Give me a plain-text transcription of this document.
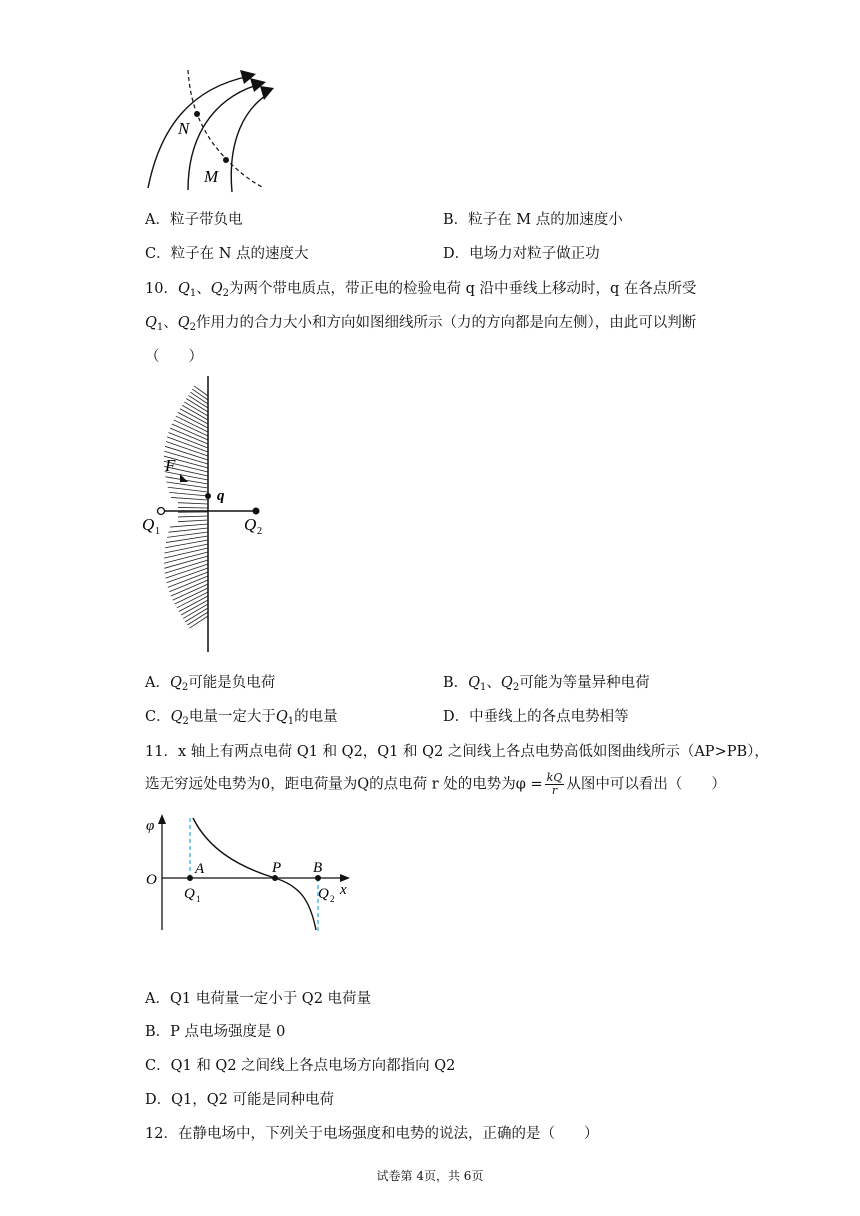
N
M
A．粒子带负电	B．粒子在 M 点的加速度小
C．粒子在 N 点的速度大	D．电场力对粒子做正功
10．$Q_1$、$Q_2$为两个带电质点，带正电的检验电荷 q 沿中垂线上移动时，q 在各点所受
$Q_1$、$Q_2$作用力的合力大小和方向如图细线所示（力的方向都是向左侧），由此可以判断
（　　）
F
q
Q 1	Q 2
A．$Q_2$可能是负电荷	B．$Q_1$、$Q_2$可能为等量异种电荷
C．$Q_2$电量一定大于$Q_1$的电量	D．中垂线上的各点电势相等
11．x 轴上有两点电荷 Q1 和 Q2，Q1 和 Q2 之间线上各点电势高低如图曲线所示（AP>PB），
选无穷远处电势为0，距电荷量为Q的点电荷 r 处的电势为$\varphi = \frac{kQ}{r}$ 从图中可以看出（　　）
φ
O
A	P B
x
Q 1	Q 2
A．Q1 电荷量一定小于 Q2 电荷量
B．P 点电场强度是 0
C．Q1 和 Q2 之间线上各点电场方向都指向 Q2
D．Q1，Q2 可能是同种电荷
12．在静电场中，下列关于电场强度和电势的说法，正确的是（　　）
试卷第 4页，共 6页
